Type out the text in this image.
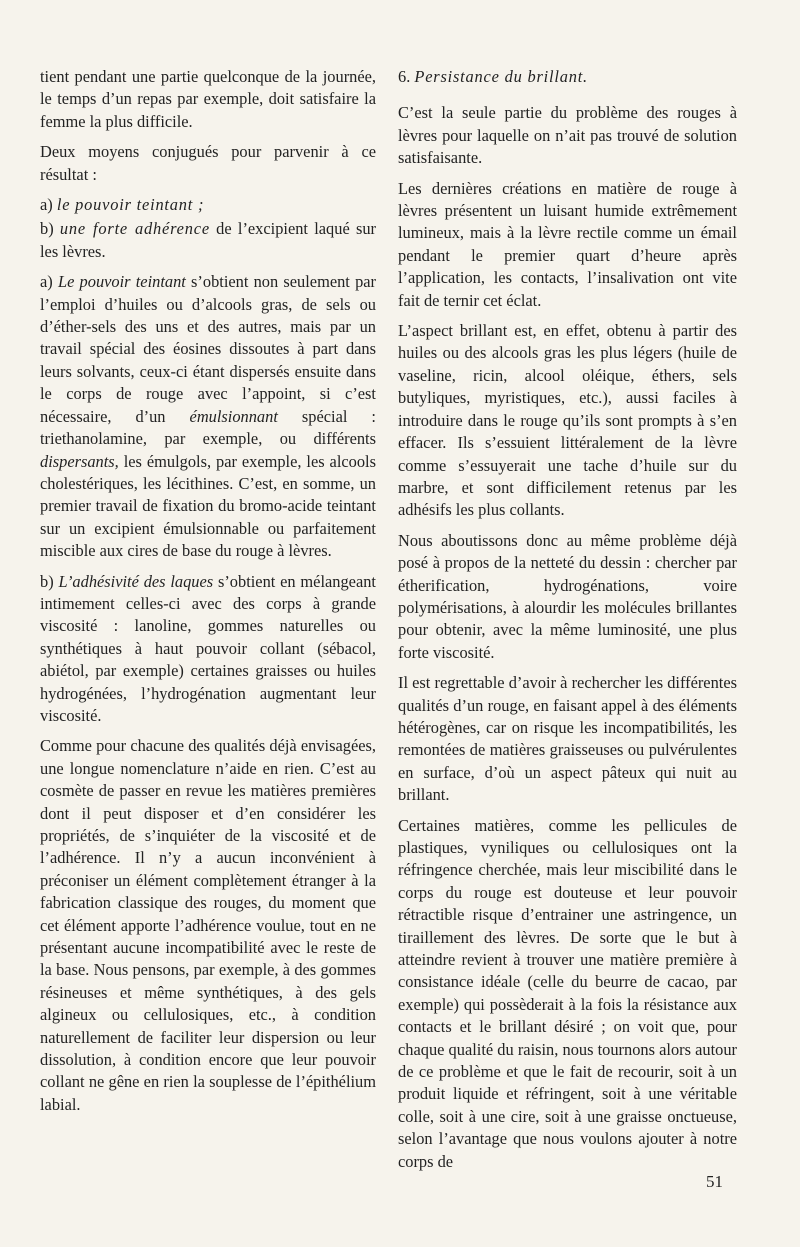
tient pendant une partie quelconque de la journée, le temps d’un repas par exemple, doit satisfaire la femme la plus difficile.

Deux moyens conjugués pour parvenir à ce résultat :

a) le pouvoir teintant ;

b) une forte adhérence de l’excipient laqué sur les lèvres.

a) Le pouvoir teintant s’obtient non seulement par l’emploi d’huiles ou d’alcools gras, de sels ou d’éther-sels des uns et des autres, mais par un travail spécial des éosines dissoutes à part dans leurs solvants, ceux-ci étant dispersés ensuite dans le corps de rouge avec l’appoint, si c’est nécessaire, d’un émulsionnant spécial : triethanolamine, par exemple, ou différents dispersants, les émulgols, par exemple, les alcools cholestériques, les lécithines. C’est, en somme, un premier travail de fixation du bromo-acide teintant sur un excipient émulsionnable ou parfaitement miscible aux cires de base du rouge à lèvres.

b) L’adhésivité des laques s’obtient en mélangeant intimement celles-ci avec des corps à grande viscosité : lanoline, gommes naturelles ou synthétiques à haut pouvoir collant (sébacol, abiétol, par exemple) certaines graisses ou huiles hydrogénées, l’hydrogénation augmentant leur viscosité.

Comme pour chacune des qualités déjà envisagées, une longue nomenclature n’aide en rien. C’est au cosmète de passer en revue les matières premières dont il peut disposer et d’en considérer les propriétés, de s’inquiéter de la viscosité et de l’adhérence. Il n’y a aucun inconvénient à préconiser un élément complètement étranger à la fabrication classique des rouges, du moment que cet élément apporte l’adhérence voulue, tout en ne présentant aucune incompatibilité avec le reste de la base. Nous pensons, par exemple, à des gommes résineuses et même synthétiques, à des gels algineux ou cellulosiques, etc., à condition naturellement de faciliter leur dispersion ou leur dissolution, à condition encore que leur pouvoir collant ne gêne en rien la souplesse de l’épithélium labial.

6. Persistance du brillant.

C’est la seule partie du problème des rouges à lèvres pour laquelle on n’ait pas trouvé de solution satisfaisante.

Les dernières créations en matière de rouge à lèvres présentent un luisant humide extrêmement lumineux, mais à la lèvre rectile comme un émail pendant le premier quart d’heure après l’application, les contacts, l’insalivation ont vite fait de ternir cet éclat.

L’aspect brillant est, en effet, obtenu à partir des huiles ou des alcools gras les plus légers (huile de vaseline, ricin, alcool oléique, éthers, sels butyliques, myristiques, etc.), aussi faciles à introduire dans le rouge qu’ils sont prompts à s’en effacer. Ils s’essuient littéralement de la lèvre comme s’essuyerait une tache d’huile sur du marbre, et sont difficilement retenus par les adhésifs les plus collants.

Nous aboutissons donc au même problème déjà posé à propos de la netteté du dessin : chercher par étherification, hydrogénations, voire polymérisations, à alourdir les molécules brillantes pour obtenir, avec la même luminosité, une plus forte viscosité.

Il est regrettable d’avoir à rechercher les différentes qualités d’un rouge, en faisant appel à des éléments hétérogènes, car on risque les incompatibilités, les remontées de matières graisseuses ou pulvérulentes en surface, d’où un aspect pâteux qui nuit au brillant.

Certaines matières, comme les pellicules de plastiques, vyniliques ou cellulosiques ont la réfringence cherchée, mais leur miscibilité dans le corps du rouge est douteuse et leur pouvoir rétractible risque d’entrainer une astringence, un tiraillement des lèvres. De sorte que le but à atteindre revient à trouver une matière première à consistance idéale (celle du beurre de cacao, par exemple) qui possèderait à la fois la résistance aux contacts et le brillant désiré ; on voit que, pour chaque qualité du raisin, nous tournons alors autour de ce problème et que le fait de recourir, soit à un produit liquide et réfringent, soit à une véritable colle, soit à une cire, soit à une graisse onctueuse, selon l’avantage que nous voulons ajouter à notre corps de

51
